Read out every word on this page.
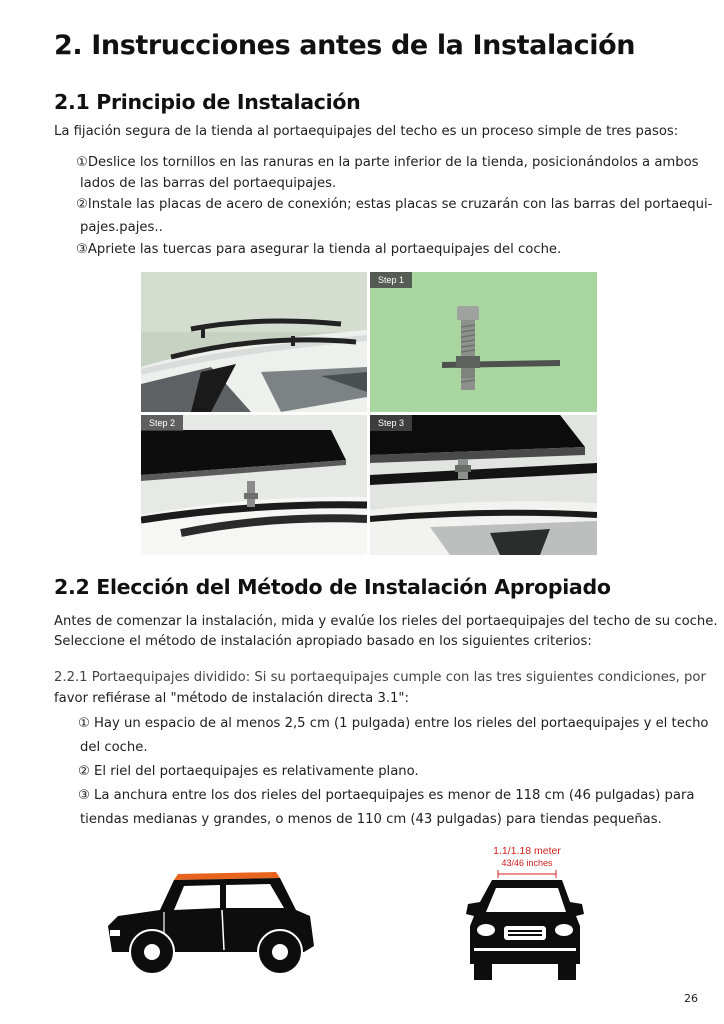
2. Instrucciones antes de la Instalación
2.1 Principio de Instalación
La fijación segura de la tienda al portaequipajes del techo es un proceso simple de tres pasos:
①Deslice los tornillos en las ranuras en la parte inferior de la tienda, posicionándolos a ambos
lados de las barras del portaequipajes.
②Instale las placas de acero de conexión; estas placas se cruzarán con las barras del portaequi-
pajes.pajes..
③Apriete las tuercas para asegurar la tienda al portaequipajes del coche.
Step 1
Step 2	Step 3
2.2 Elección del Método de Instalación Apropiado
Antes de comenzar la instalación, mida y evalúe los rieles del portaequipajes del techo de su coche.
Seleccione el método de instalación apropiado basado en los siguientes criterios:
2.2.1 Portaequipajes dividido: Si su portaequipajes cumple con las tres siguientes condiciones, por
favor refiérase al "método de instalación directa 3.1":
① Hay un espacio de al menos 2,5 cm (1 pulgada) entre los rieles del portaequipajes y el techo
del coche.
② El riel del portaequipajes es relativamente plano.
③ La anchura entre los dos rieles del portaequipajes es menor de 118 cm (46 pulgadas) para
tiendas medianas y grandes, o menos de 110 cm (43 pulgadas) para tiendas pequeñas.
1.1/1.18 meter
43/46 inches
26
